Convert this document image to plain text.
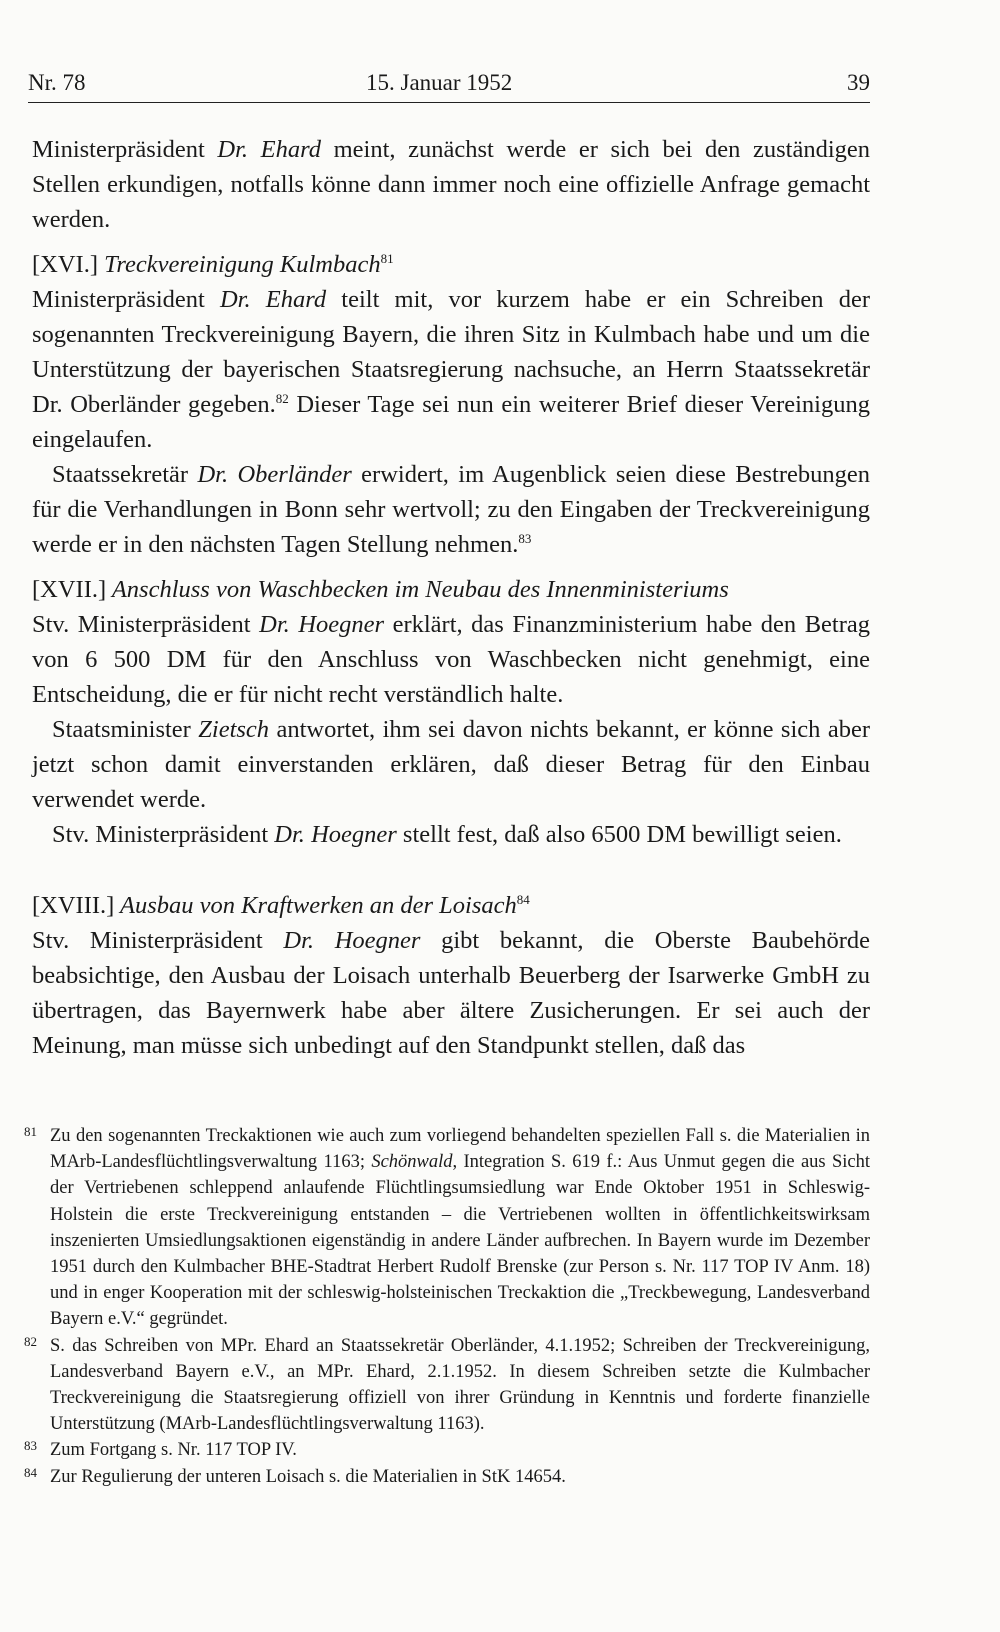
Nr. 78	15. Januar 1952	39

Ministerpräsident Dr. Ehard meint, zunächst werde er sich bei den zuständigen Stellen erkundigen, notfalls könne dann immer noch eine offizielle Anfrage gemacht werden.

[XVI.] Treckvereinigung Kulmbach$^{81}$

Ministerpräsident Dr. Ehard teilt mit, vor kurzem habe er ein Schreiben der sogenannten Treckvereinigung Bayern, die ihren Sitz in Kulmbach habe und um die Unterstützung der bayerischen Staatsregierung nachsuche, an Herrn Staatssekretär Dr. Oberländer gegeben.$^{82}$ Dieser Tage sei nun ein weiterer Brief dieser Vereinigung eingelaufen.

Staatssekretär Dr. Oberländer erwidert, im Augenblick seien diese Bestrebungen für die Verhandlungen in Bonn sehr wertvoll; zu den Eingaben der Treckvereinigung werde er in den nächsten Tagen Stellung nehmen.$^{83}$

[XVII.] Anschluss von Waschbecken im Neubau des Innenministeriums

Stv. Ministerpräsident Dr. Hoegner erklärt, das Finanzministerium habe den Betrag von 6 500 DM für den Anschluss von Waschbecken nicht genehmigt, eine Entscheidung, die er für nicht recht verständlich halte.

Staatsminister Zietsch antwortet, ihm sei davon nichts bekannt, er könne sich aber jetzt schon damit einverstanden erklären, daß dieser Betrag für den Einbau verwendet werde.

Stv. Ministerpräsident Dr. Hoegner stellt fest, daß also 6500 DM bewilligt seien.

[XVIII.] Ausbau von Kraftwerken an der Loisach$^{84}$

Stv. Ministerpräsident Dr. Hoegner gibt bekannt, die Oberste Baubehörde beabsichtige, den Ausbau der Loisach unterhalb Beuerberg der Isarwerke GmbH zu übertragen, das Bayernwerk habe aber ältere Zusicherungen. Er sei auch der Meinung, man müsse sich unbedingt auf den Standpunkt stellen, daß das

81 Zu den sogenannten Treckaktionen wie auch zum vorliegend behandelten speziellen Fall s. die Materialien in MArb-Landesflüchtlingsverwaltung 1163; Schönwald, Integration S. 619 f.: Aus Unmut gegen die aus Sicht der Vertriebenen schleppend anlaufende Flüchtlingsumsiedlung war Ende Oktober 1951 in Schleswig-Holstein die erste Treckvereinigung entstanden – die Vertriebenen wollten in öffentlichkeitswirksam inszenierten Umsiedlungsaktionen eigenständig in andere Länder aufbrechen. In Bayern wurde im Dezember 1951 durch den Kulmbacher BHE-Stadtrat Herbert Rudolf Brenske (zur Person s. Nr. 117 TOP IV Anm. 18) und in enger Kooperation mit der schleswig-holsteinischen Treckaktion die „Treckbewegung, Landesverband Bayern e.V.“ gegründet.

82 S. das Schreiben von MPr. Ehard an Staatssekretär Oberländer, 4.1.1952; Schreiben der Treckvereinigung, Landesverband Bayern e.V., an MPr. Ehard, 2.1.1952. In diesem Schreiben setzte die Kulmbacher Treckvereinigung die Staatsregierung offiziell von ihrer Gründung in Kenntnis und forderte finanzielle Unterstützung (MArb-Landesflüchtlingsverwaltung 1163).

83 Zum Fortgang s. Nr. 117 TOP IV.

84 Zur Regulierung der unteren Loisach s. die Materialien in StK 14654.
